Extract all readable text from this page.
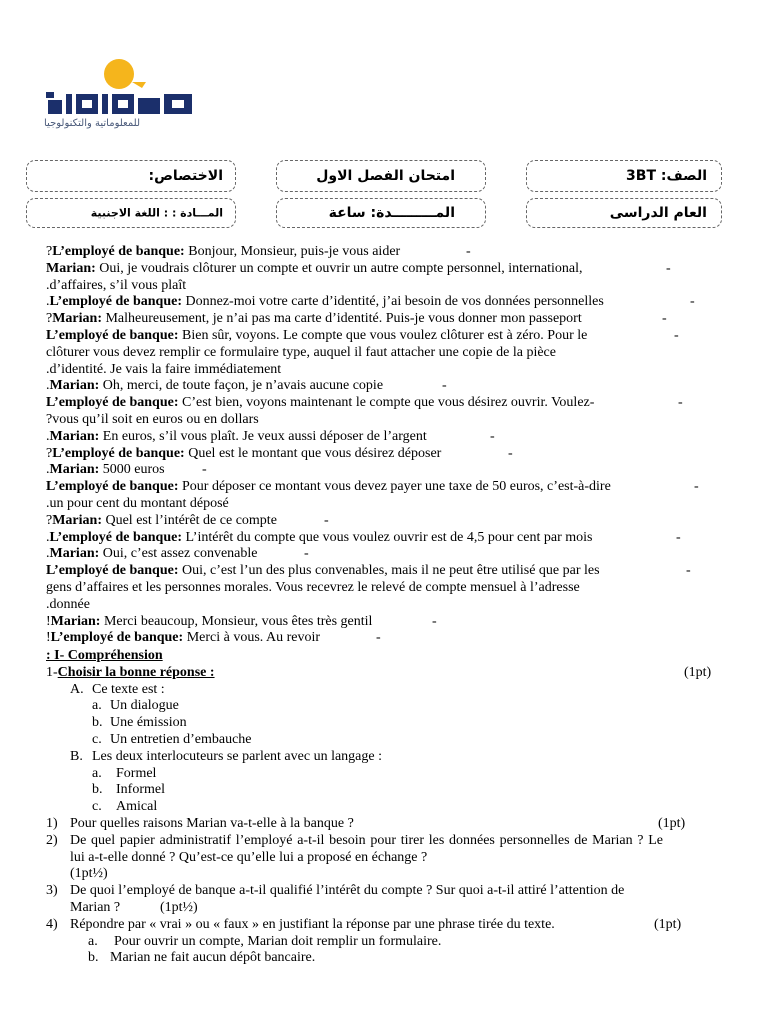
للمعلوماتية والتكنولوجيا
الاختصاص:	امتحان الفصل الاول	الصف: 3BT
المـــادة : : اللغة الاجنبية	المـــــــــدة: ساعة	العام الدراسى
?L’employé de banque: Bonjour, Monsieur, puis-je vous aider	-
Marian: Oui, je voudrais clôturer un compte et ouvrir un autre compte personnel, international,	-
.d’affaires, s’il vous plaît
.L’employé de banque: Donnez-moi votre carte d’identité, j’ai besoin de vos données personnelles	-
?Marian: Malheureusement, je n’ai pas ma carte d’identité. Puis-je vous donner mon passeport	-
L’employé de banque: Bien sûr, voyons. Le compte que vous voulez clôturer est à zéro. Pour le	-
clôturer vous devez remplir ce formulaire type, auquel il faut attacher une copie de la pièce
.d’identité. Je vais la faire immédiatement
.Marian: Oh, merci, de toute façon, je n’avais aucune copie	-
L’employé de banque: C’est bien, voyons maintenant le compte que vous désirez ouvrir. Voulez-	-
?vous qu’il soit en euros ou en dollars
.Marian: En euros, s’il vous plaît. Je veux aussi déposer de l’argent	-
?L’employé de banque: Quel est le montant que vous désirez déposer	-
.Marian: 5000 euros	-
L’employé de banque: Pour déposer ce montant vous devez payer une taxe de 50 euros, c’est-à-dire	-
.un pour cent du montant déposé
?Marian: Quel est l’intérêt de ce compte	-
.L’employé de banque: L’intérêt du compte que vous voulez ouvrir est de 4,5 pour cent par mois	-
.Marian: Oui, c’est assez convenable	-
L’employé de banque: Oui, c’est l’un des plus convenables, mais il ne peut être utilisé que par les	-
gens d’affaires et les personnes morales. Vous recevrez le relevé de compte mensuel à l’adresse
.donnée
!Marian: Merci beaucoup, Monsieur, vous êtes très gentil	-
!L’employé de banque: Merci à vous. Au revoir	-
: I- Compréhension
1-Choisir la bonne réponse :	(1pt)
A. Ce texte est :
a. Un dialogue
b. Une émission
c. Un entretien d’embauche
B. Les deux interlocuteurs se parlent avec un langage :
a. Formel
b. Informel
c. Amical
1) Pour quelles raisons Marian va-t-elle à la banque ?	(1pt)
2) De quel papier administratif l’employé a-t-il besoin pour tirer les données personnelles de Marian ? Le
lui a-t-elle donné ? Qu’est-ce qu’elle lui a proposé en échange ?
(1pt½)
3) De quoi l’employé de banque a-t-il qualifié l’intérêt du compte ? Sur quoi a-t-il attiré l’attention de
Marian ?	(1pt½)
4) Répondre par « vrai » ou « faux » en justifiant la réponse par une phrase tirée du texte.	(1pt)
a. Pour ouvrir un compte, Marian doit remplir un formulaire.
b. Marian ne fait aucun dépôt bancaire.
